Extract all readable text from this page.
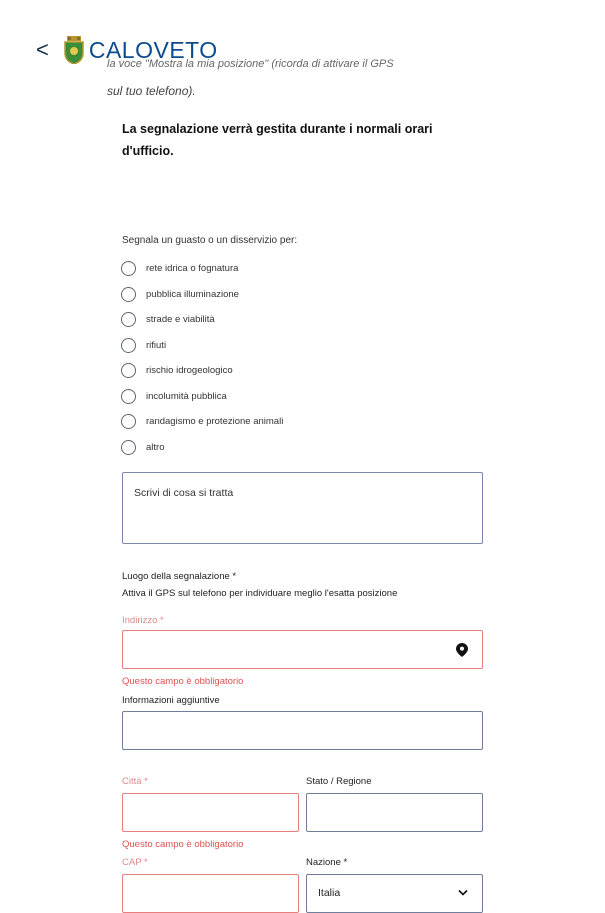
< CALOVETO
la voce "Mostra la mia posizione" (ricorda di attivare il GPS
sul tuo telefono).
La segnalazione verrà gestita durante i normali orari d'ufficio.
Segnala un guasto o un disservizio per:
rete idrica o fognatura
pubblica illuminazione
strade e viabilità
rifiuti
rischio idrogeologico
incolumità pubblica
randagismo e protezione animali
altro
Scrivi di cosa si tratta
Luogo della segnalazione *
Attiva il GPS sul telefono per individuare meglio l'esatta posizione
Indirizzo *
Questo campo è obbligatorio
Informazioni aggiuntive
Città *
Questo campo è obbligatorio
Stato / Regione
CAP *	Nazione *
Italia
